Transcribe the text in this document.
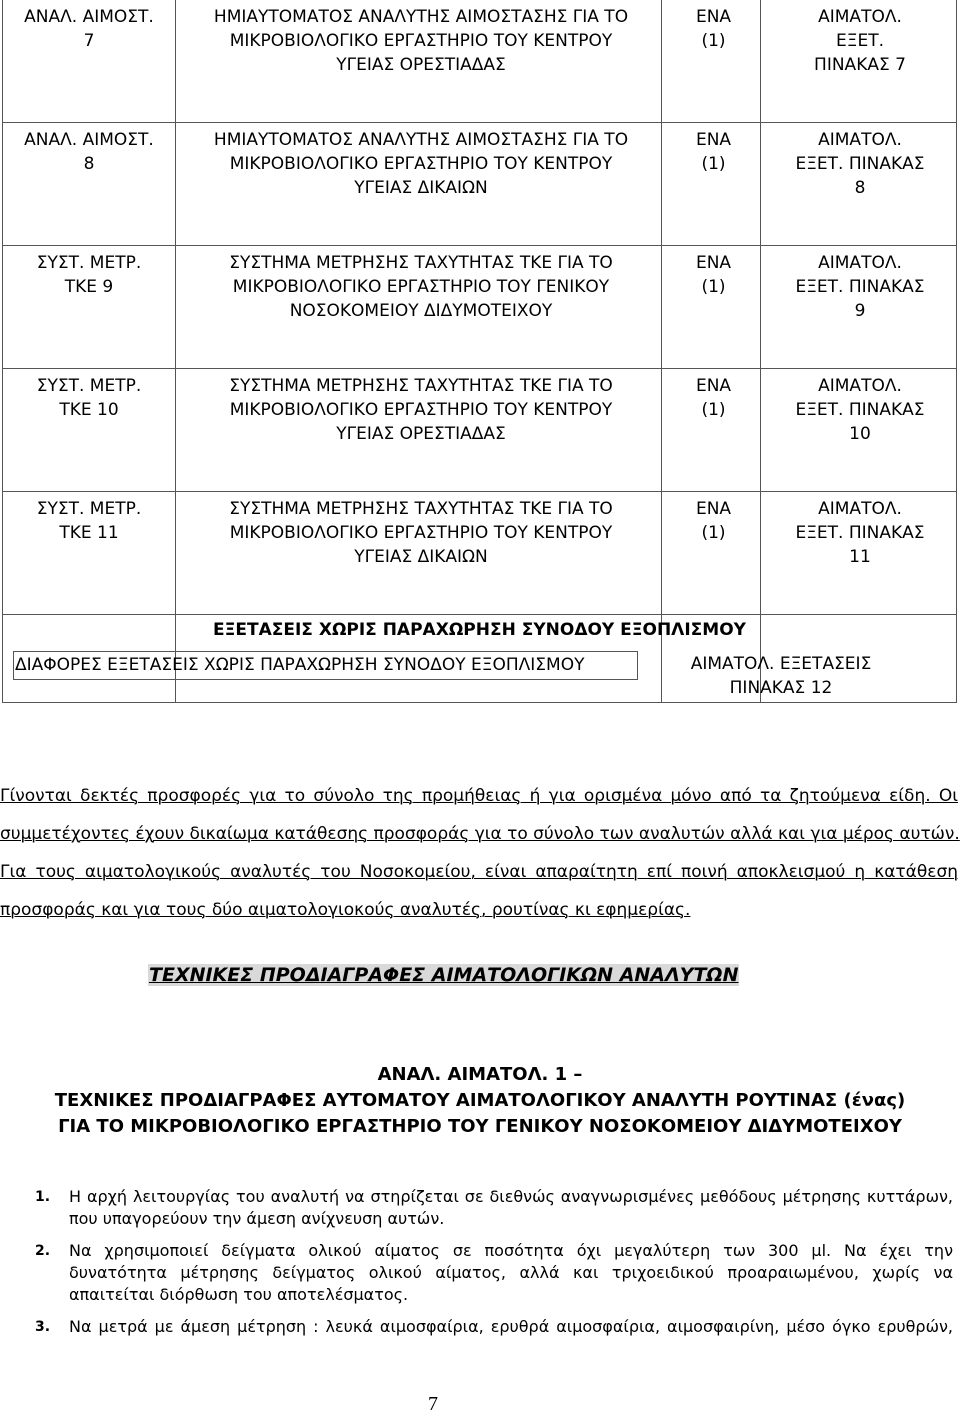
ΑΝΑΛ. ΑΙΜΟΣΤ.
7
ΗΜΙΑΥΤΟΜΑΤΟΣ ΑΝΑΛΥΤΗΣ ΑΙΜΟΣΤΑΣΗΣ ΓΙΑ ΤΟ
ΜΙΚΡΟΒΙΟΛΟΓΙΚΟ ΕΡΓΑΣΤΗΡΙΟ ΤΟΥ ΚΕΝΤΡΟΥ
ΥΓΕΙΑΣ ΟΡΕΣΤΙΑΔΑΣ
ΕΝΑ
(1)
ΑΙΜΑΤΟΛ.
ΕΞΕΤ.
ΠΙΝΑΚΑΣ 7
ΑΝΑΛ. ΑΙΜΟΣΤ.
8
ΗΜΙΑΥΤΟΜΑΤΟΣ ΑΝΑΛΥΤΗΣ ΑΙΜΟΣΤΑΣΗΣ ΓΙΑ ΤΟ
ΜΙΚΡΟΒΙΟΛΟΓΙΚΟ ΕΡΓΑΣΤΗΡΙΟ ΤΟΥ ΚΕΝΤΡΟΥ
ΥΓΕΙΑΣ ΔΙΚΑΙΩΝ
ΕΝΑ
(1)
ΑΙΜΑΤΟΛ.
ΕΞΕΤ. ΠΙΝΑΚΑΣ
8
ΣΥΣΤ. ΜΕΤΡ.
ΤΚΕ 9
ΣΥΣΤΗΜΑ ΜΕΤΡΗΣΗΣ ΤΑΧΥΤΗΤΑΣ ΤΚΕ ΓΙΑ ΤΟ
ΜΙΚΡΟΒΙΟΛΟΓΙΚΟ ΕΡΓΑΣΤΗΡΙΟ ΤΟΥ ΓΕΝΙΚΟΥ
ΝΟΣΟΚΟΜΕΙΟΥ ΔΙΔΥΜΟΤΕΙΧΟΥ
ΕΝΑ
(1)
ΑΙΜΑΤΟΛ.
ΕΞΕΤ. ΠΙΝΑΚΑΣ
9
ΣΥΣΤ. ΜΕΤΡ.
ΤΚΕ 10
ΣΥΣΤΗΜΑ ΜΕΤΡΗΣΗΣ ΤΑΧΥΤΗΤΑΣ ΤΚΕ ΓΙΑ ΤΟ
ΜΙΚΡΟΒΙΟΛΟΓΙΚΟ ΕΡΓΑΣΤΗΡΙΟ ΤΟΥ ΚΕΝΤΡΟΥ
ΥΓΕΙΑΣ ΟΡΕΣΤΙΑΔΑΣ
ΕΝΑ
(1)
ΑΙΜΑΤΟΛ.
ΕΞΕΤ. ΠΙΝΑΚΑΣ
10
ΣΥΣΤ. ΜΕΤΡ.
ΤΚΕ 11
ΣΥΣΤΗΜΑ ΜΕΤΡΗΣΗΣ ΤΑΧΥΤΗΤΑΣ ΤΚΕ ΓΙΑ ΤΟ
ΜΙΚΡΟΒΙΟΛΟΓΙΚΟ ΕΡΓΑΣΤΗΡΙΟ ΤΟΥ ΚΕΝΤΡΟΥ
ΥΓΕΙΑΣ ΔΙΚΑΙΩΝ
ΕΝΑ
(1)
ΑΙΜΑΤΟΛ.
ΕΞΕΤ. ΠΙΝΑΚΑΣ
11
ΕΞΕΤΑΣΕΙΣ ΧΩΡΙΣ ΠΑΡΑΧΩΡΗΣΗ ΣΥΝΟΔΟΥ ΕΞΟΠΛΙΣΜΟΥ
ΔΙΑΦΟΡΕΣ ΕΞΕΤΑΣΕΙΣ ΧΩΡΙΣ ΠΑΡΑΧΩΡΗΣΗ ΣΥΝΟΔΟΥ ΕΞΟΠΛΙΣΜΟΥ	ΑΙΜΑΤΟΛ. ΕΞΕΤΑΣΕΙΣ
ΠΙΝΑΚΑΣ 12
Γίνονται δεκτές προσφορές για το σύνολο της προμήθειας ή για ορισμένα μόνο από τα ζητούμενα είδη. Οι
συμμετέχοντες έχουν δικαίωμα κατάθεσης προσφοράς για το σύνολο των αναλυτών αλλά και για μέρος αυτών.
Για τους αιματολογικούς αναλυτές του Νοσοκομείου, είναι απαραίτητη επί ποινή αποκλεισμού η κατάθεση
προσφοράς και για τους δύο αιματολογιοκούς αναλυτές, ρουτίνας κι εφημερίας.
ΤΕΧΝΙΚΕΣ ΠΡΟΔΙΑΓΡΑΦΕΣ ΑΙΜΑΤΟΛΟΓΙΚΩΝ ΑΝΑΛΥΤΩΝ
ΑΝΑΛ. ΑΙΜΑΤΟΛ. 1 –
ΤΕΧΝΙΚΕΣ ΠΡΟΔΙΑΓΡΑΦΕΣ ΑΥΤΟΜΑΤΟΥ ΑΙΜΑΤΟΛΟΓΙΚΟΥ ΑΝΑΛΥΤΗ ΡΟΥΤΙΝΑΣ (ένας)
ΓΙΑ ΤΟ ΜΙΚΡΟΒΙΟΛΟΓΙΚΟ ΕΡΓΑΣΤΗΡΙΟ ΤΟΥ ΓΕΝΙΚΟΥ ΝΟΣΟΚΟΜΕΙΟΥ ΔΙΔΥΜΟΤΕΙΧΟΥ
1. Η αρχή λειτουργίας του αναλυτή να στηρίζεται σε διεθνώς αναγνωρισμένες μεθόδους μέτρησης κυττάρων,
που υπαγορεύουν την άμεση ανίχνευση αυτών.
2. Να χρησιμοποιεί δείγματα ολικού αίματος σε ποσότητα όχι μεγαλύτερη των 300 μl. Να έχει την
δυνατότητα μέτρησης δείγματος ολικού αίματος, αλλά και τριχοειδικού προαραιωμένου, χωρίς να
απαιτείται διόρθωση του αποτελέσματος.
3. Να μετρά με άμεση μέτρηση : λευκά αιμοσφαίρια, ερυθρά αιμοσφαίρια, αιμοσφαιρίνη, μέσο όγκο ερυθρών,
7
